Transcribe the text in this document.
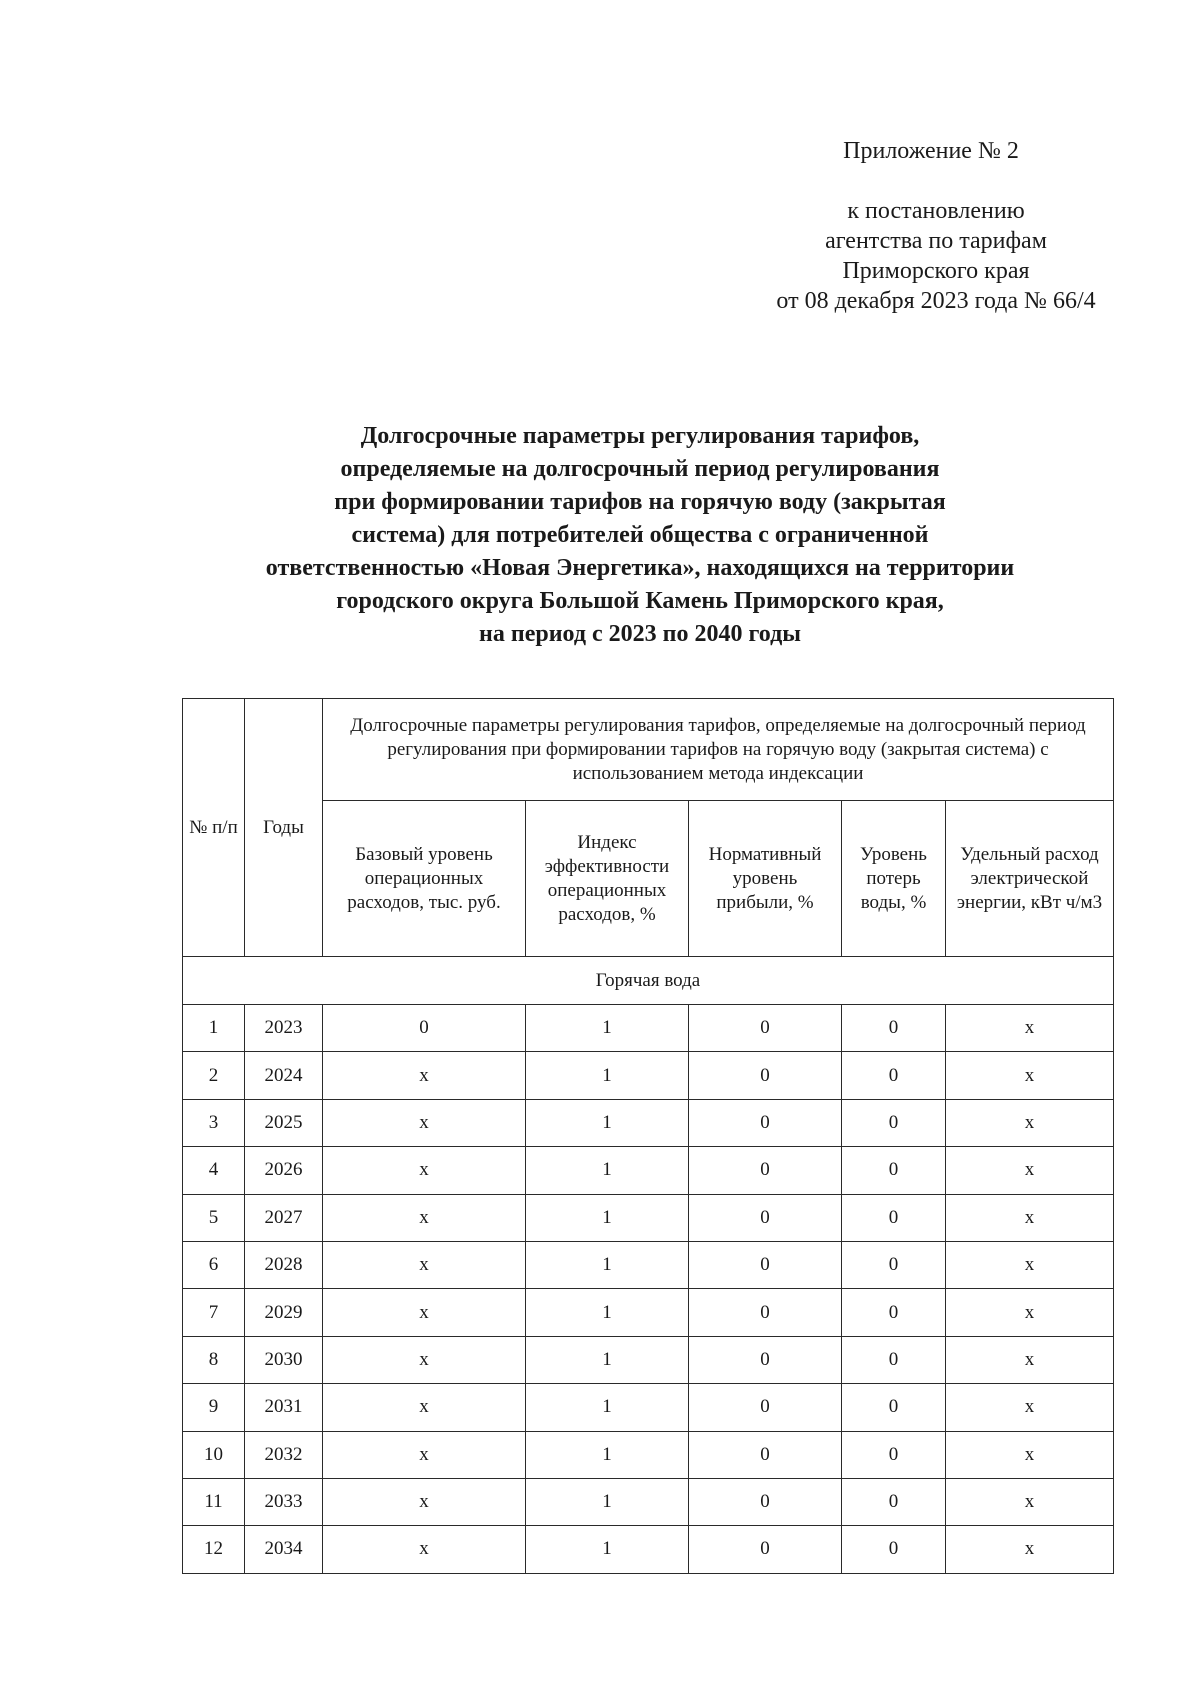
Приложение № 2
к постановлению
агентства по тарифам
Приморского края
от 08 декабря 2023 года № 66/4
Долгосрочные параметры регулирования тарифов,
определяемые на долгосрочный период регулирования
при формировании тарифов на горячую воду (закрытая
система) для потребителей общества с ограниченной
ответственностью «Новая Энергетика», находящихся на территории
городского округа Большой Камень Приморского края,
на период с 2023 по 2040 годы
№ п/п	Годы	Долгосрочные параметры регулирования тарифов, определяемые на долгосрочный период регулирования при формировании тарифов на горячую воду (закрытая система) с использованием метода индексации				
		Базовый уровень операционных расходов, тыс. руб.	Индекс эффективности операционных расходов, %	Нормативный уровень прибыли, %	Уровень потерь воды, %	Удельный расход электрической энергии, кВт ч/м3
Горячая вода						
1	2023	0	1	0	0	x
2	2024	x	1	0	0	x
3	2025	x	1	0	0	x
4	2026	x	1	0	0	x
5	2027	x	1	0	0	x
6	2028	x	1	0	0	x
7	2029	x	1	0	0	x
8	2030	x	1	0	0	x
9	2031	x	1	0	0	x
10	2032	x	1	0	0	x
11	2033	x	1	0	0	x
12	2034	x	1	0	0	x
